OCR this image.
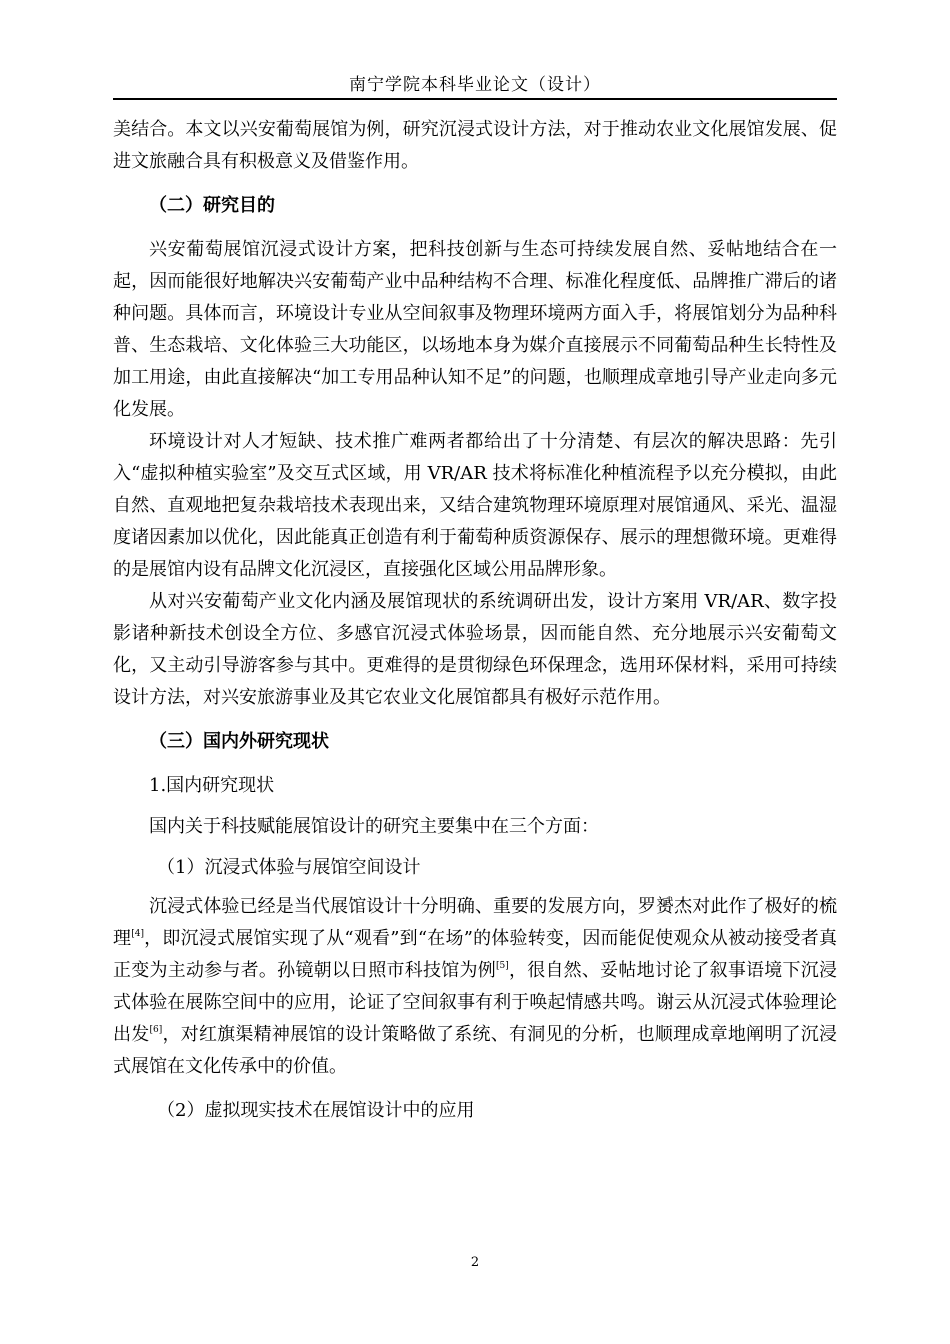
南宁学院本科毕业论文（设计）

美结合。本文以兴安葡萄展馆为例，研究沉浸式设计方法，对于推动农业文化展馆发展、促进文旅融合具有积极意义及借鉴作用。

（二）研究目的

兴安葡萄展馆沉浸式设计方案，把科技创新与生态可持续发展自然、妥帖地结合在一起，因而能很好地解决兴安葡萄产业中品种结构不合理、标准化程度低、品牌推广滞后的诸种问题。具体而言，环境设计专业从空间叙事及物理环境两方面入手，将展馆划分为品种科普、生态栽培、文化体验三大功能区，以场地本身为媒介直接展示不同葡萄品种生长特性及加工用途，由此直接解决“加工专用品种认知不足”的问题，也顺理成章地引导产业走向多元化发展。

环境设计对人才短缺、技术推广难两者都给出了十分清楚、有层次的解决思路：先引入“虚拟种植实验室”及交互式区域，用 VR/AR 技术将标准化种植流程予以充分模拟，由此自然、直观地把复杂栽培技术表现出来，又结合建筑物理环境原理对展馆通风、采光、温湿度诸因素加以优化，因此能真正创造有利于葡萄种质资源保存、展示的理想微环境。更难得的是展馆内设有品牌文化沉浸区，直接强化区域公用品牌形象。

从对兴安葡萄产业文化内涵及展馆现状的系统调研出发，设计方案用 VR/AR、数字投影诸种新技术创设全方位、多感官沉浸式体验场景，因而能自然、充分地展示兴安葡萄文化，又主动引导游客参与其中。更难得的是贯彻绿色环保理念，选用环保材料，采用可持续设计方法，对兴安旅游事业及其它农业文化展馆都具有极好示范作用。

（三）国内外研究现状

1.国内研究现状

国内关于科技赋能展馆设计的研究主要集中在三个方面：

（1）沉浸式体验与展馆空间设计

沉浸式体验已经是当代展馆设计十分明确、重要的发展方向，罗赟杰对此作了极好的梳理[4]，即沉浸式展馆实现了从“观看”到“在场”的体验转变，因而能促使观众从被动接受者真正变为主动参与者。孙镜朝以日照市科技馆为例[5]，很自然、妥帖地讨论了叙事语境下沉浸式体验在展陈空间中的应用，论证了空间叙事有利于唤起情感共鸣。谢云从沉浸式体验理论出发[6]，对红旗渠精神展馆的设计策略做了系统、有洞见的分析，也顺理成章地阐明了沉浸式展馆在文化传承中的价值。

（2）虚拟现实技术在展馆设计中的应用

2
